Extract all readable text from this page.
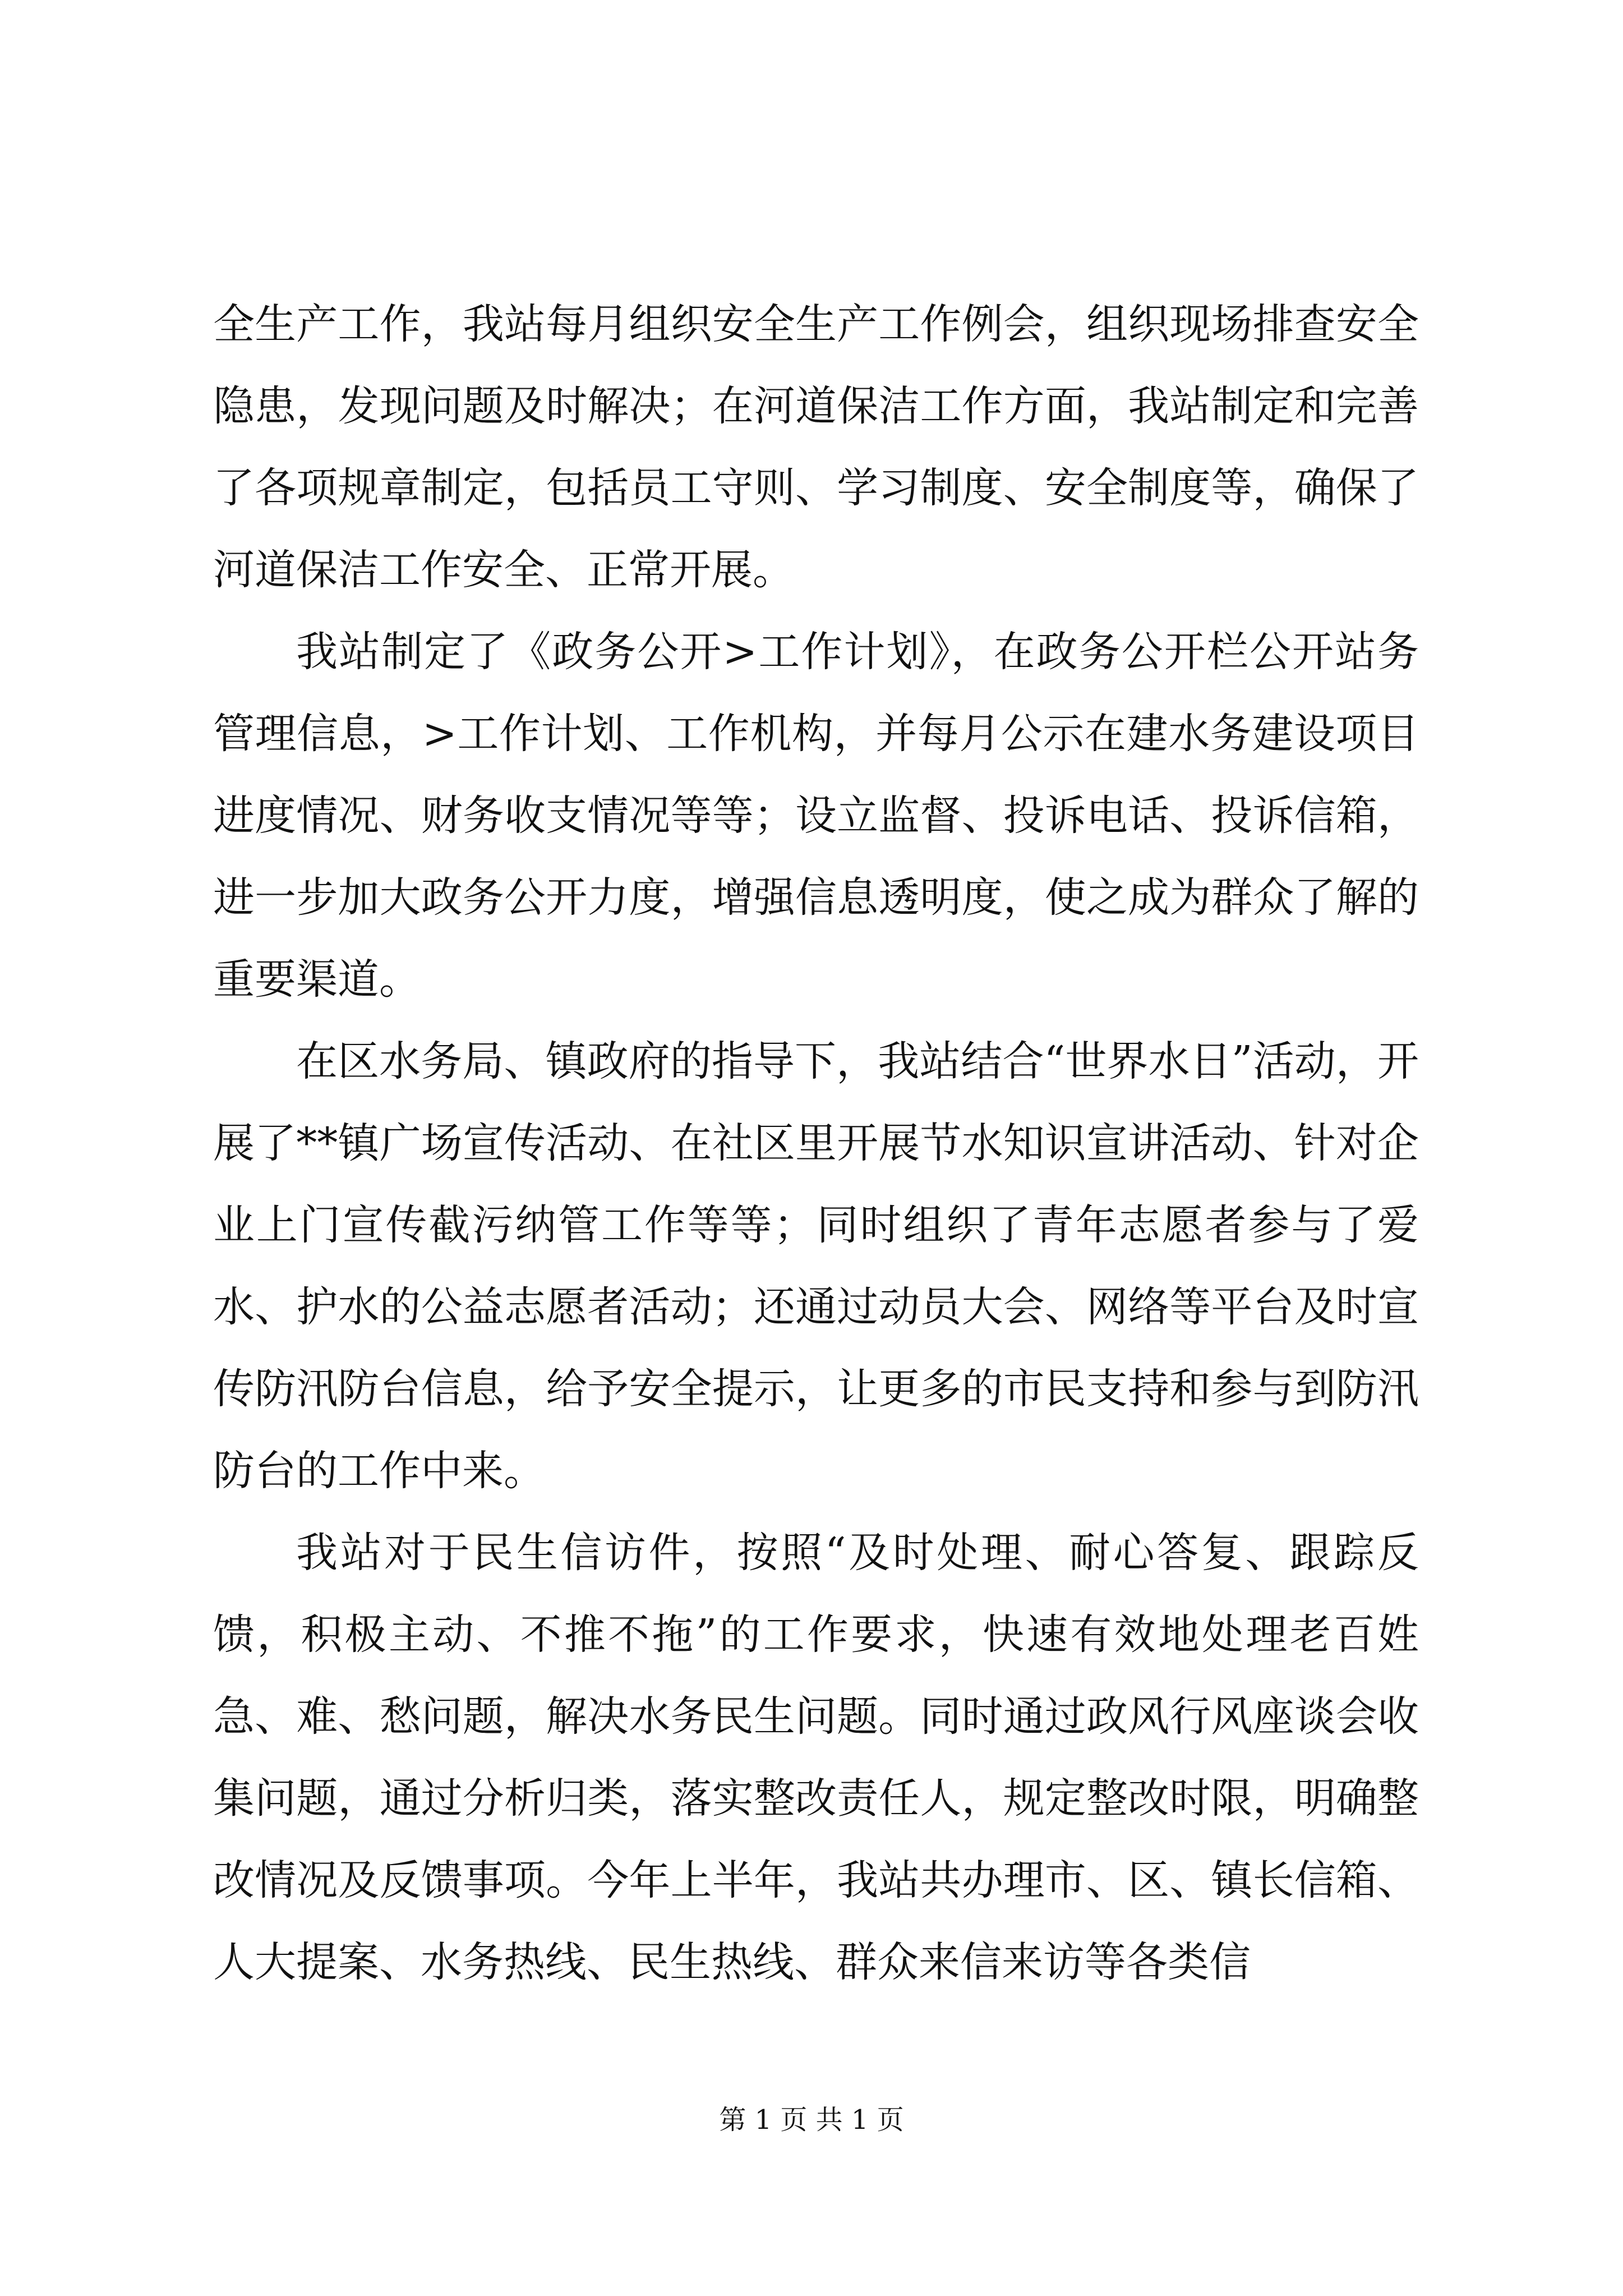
全生产工作，我站每月组织安全生产工作例会，组织现场排查安全隐患，发现问题及时解决；在河道保洁工作方面，我站制定和完善了各项规章制定，包括员工守则、学习制度、安全制度等，确保了河道保洁工作安全、正常开展。

我站制定了《政务公开>工作计划》，在政务公开栏公开站务管理信息，>工作计划、工作机构，并每月公示在建水务建设项目进度情况、财务收支情况等等；设立监督、投诉电话、投诉信箱，进一步加大政务公开力度，增强信息透明度，使之成为群众了解的重要渠道。

在区水务局、镇政府的指导下，我站结合“世界水日”活动，开展了**镇广场宣传活动、在社区里开展节水知识宣讲活动、针对企业上门宣传截污纳管工作等等；同时组织了青年志愿者参与了爱水、护水的公益志愿者活动；还通过动员大会、网络等平台及时宣传防汛防台信息，给予安全提示，让更多的市民支持和参与到防汛防台的工作中来。

我站对于民生信访件，按照“及时处理、耐心答复、跟踪反馈，积极主动、不推不拖”的工作要求，快速有效地处理老百姓急、难、愁问题，解决水务民生问题。同时通过政风行风座谈会收集问题，通过分析归类，落实整改责任人，规定整改时限，明确整改情况及反馈事项。今年上半年，我站共办理市、区、镇长信箱、人大提案、水务热线、民生热线、群众来信来访等各类信

第 1 页 共 1 页
